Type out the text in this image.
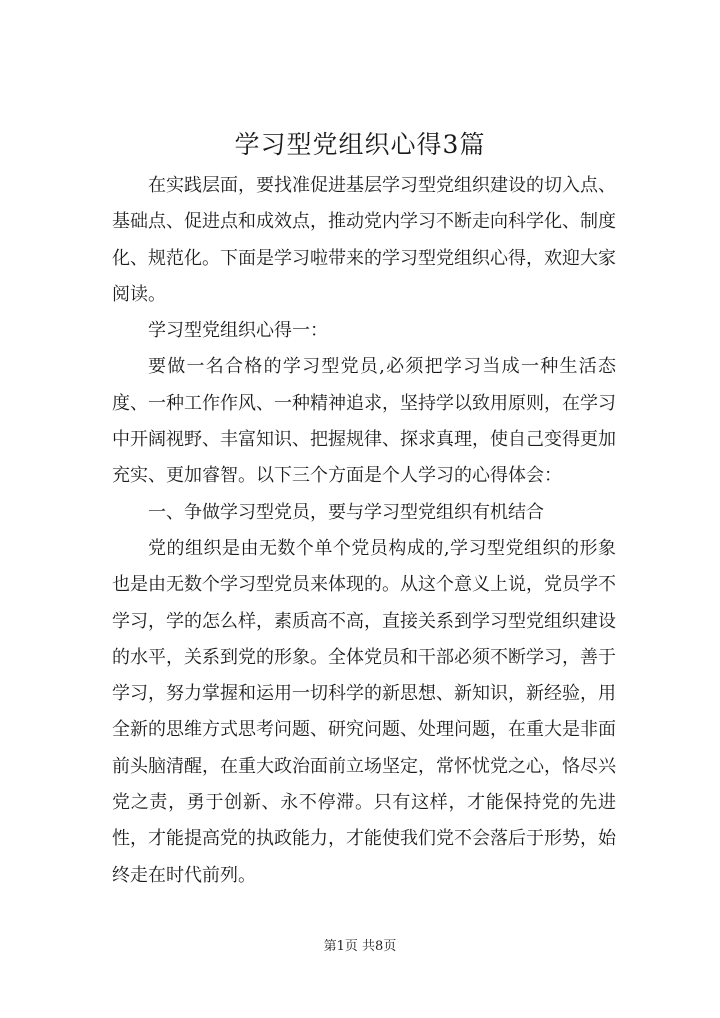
学习型党组织心得3篇

在实践层面，要找准促进基层学习型党组织建设的切入点、基础点、促进点和成效点，推动党内学习不断走向科学化、制度化、规范化。下面是学习啦带来的学习型党组织心得，欢迎大家阅读。

学习型党组织心得一：

要做一名合格的学习型党员,必须把学习当成一种生活态度、一种工作作风、一种精神追求，坚持学以致用原则，在学习中开阔视野、丰富知识、把握规律、探求真理，使自己变得更加充实、更加睿智。以下三个方面是个人学习的心得体会：

一、争做学习型党员，要与学习型党组织有机结合

党的组织是由无数个单个党员构成的,学习型党组织的形象也是由无数个学习型党员来体现的。从这个意义上说，党员学不学习，学的怎么样，素质高不高，直接关系到学习型党组织建设的水平，关系到党的形象。全体党员和干部必须不断学习，善于学习，努力掌握和运用一切科学的新思想、新知识，新经验，用全新的思维方式思考问题、研究问题、处理问题，在重大是非面前头脑清醒，在重大政治面前立场坚定，常怀忧党之心，恪尽兴党之责，勇于创新、永不停滞。只有这样，才能保持党的先进性，才能提高党的执政能力，才能使我们党不会落后于形势，始终走在时代前列。

第1页 共8页
